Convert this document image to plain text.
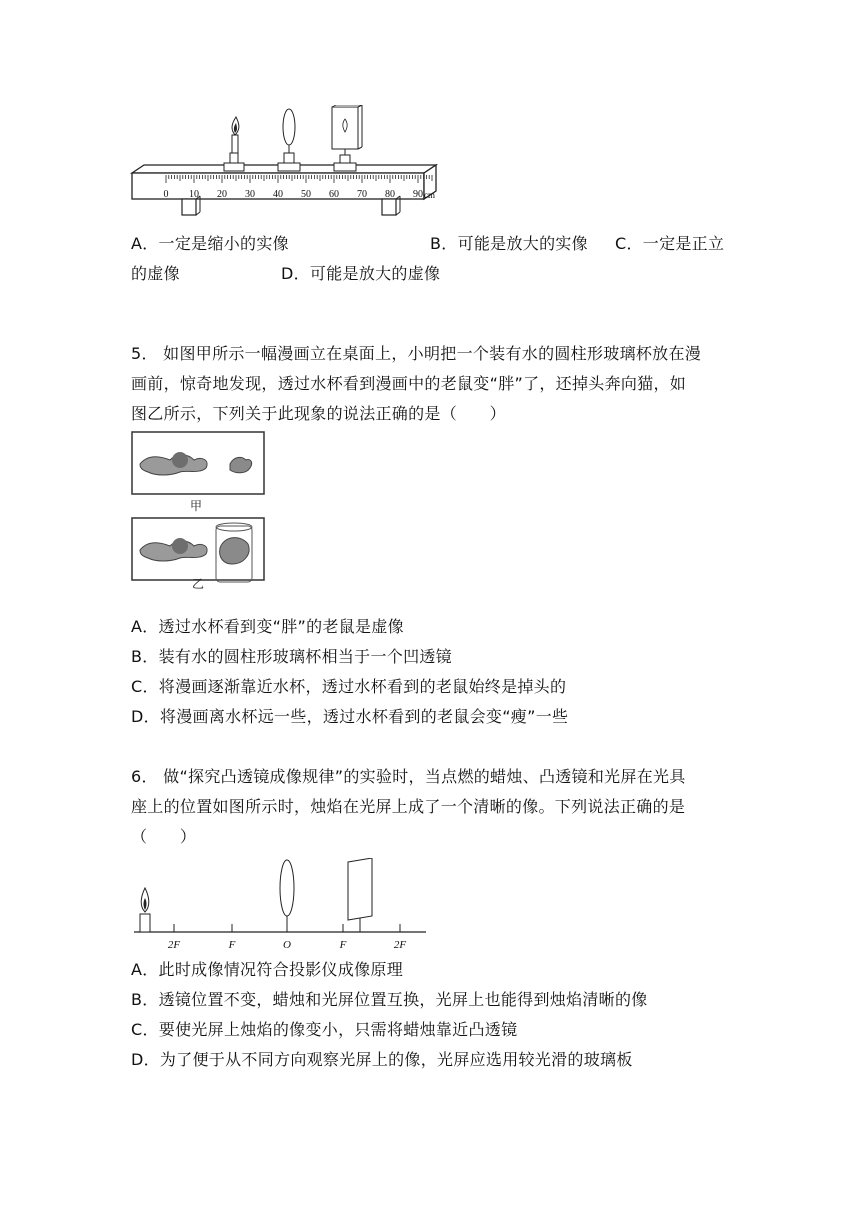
0 10 20 30 40 50 60 70 80 90 cm
A．一定是缩小的实像	B．可能是放大的实像 C．一定是正立
的虚像	D．可能是放大的虚像
5． 如图甲所示一幅漫画立在桌面上，小明把一个装有水的圆柱形玻璃杯放在漫
画前，惊奇地发现，透过水杯看到漫画中的老鼠变“胖”了，还掉头奔向猫，如
图乙所示，下列关于此现象的说法正确的是（　　）
甲
乙
A．透过水杯看到变“胖”的老鼠是虚像
B．装有水的圆柱形玻璃杯相当于一个凹透镜
C．将漫画逐渐靠近水杯，透过水杯看到的老鼠始终是掉头的
D．将漫画离水杯远一些，透过水杯看到的老鼠会变“瘦”一些
6． 做“探究凸透镜成像规律”的实验时，当点燃的蜡烛、凸透镜和光屏在光具
座上的位置如图所示时，烛焰在光屏上成了一个清晰的像。下列说法正确的是
（　　）
2F	F	O	F	2F
A．此时成像情况符合投影仪成像原理
B．透镜位置不变，蜡烛和光屏位置互换，光屏上也能得到烛焰清晰的像
C．要使光屏上烛焰的像变小，只需将蜡烛靠近凸透镜
D．为了便于从不同方向观察光屏上的像，光屏应选用较光滑的玻璃板
